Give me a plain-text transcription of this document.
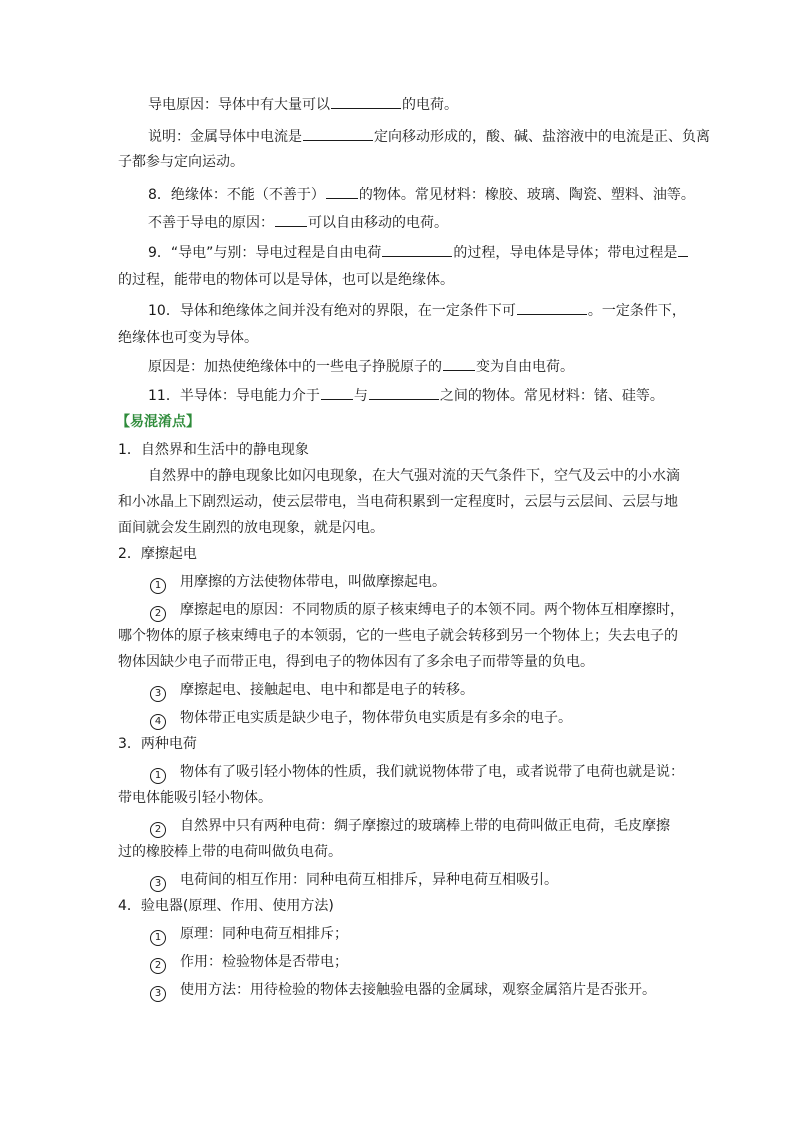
导电原因：导体中有大量可以	的电荷。
说明：金属导体中电流是	定向移动形成的，酸、碱、盐溶液中的电流是正、负离
子都参与定向运动。
8．绝缘体：不能（不善于） 的物体。常见材料：橡胶、玻璃、陶瓷、塑料、油等。
不善于导电的原因： 可以自由移动的电荷。
9．“导电”与别：导电过程是自由电荷	的过程，导电体是导体；带电过程是
的过程，能带电的物体可以是导体，也可以是绝缘体。
10．导体和绝缘体之间并没有绝对的界限，在一定条件下可	。一定条件下，
绝缘体也可变为导体。
原因是：加热使绝缘体中的一些电子挣脱原子的 变为自由电荷。
11．半导体：导电能力介于 与	之间的物体。常见材料：锗、硅等。
【易混淆点】
1．自然界和生活中的静电现象
自然界中的静电现象比如闪电现象，在大气强对流的天气条件下，空气及云中的小水滴
和小冰晶上下剧烈运动，使云层带电，当电荷积累到一定程度时，云层与云层间、云层与地
面间就会发生剧烈的放电现象，就是闪电。
2．摩擦起电
1 用摩擦的方法使物体带电，叫做摩擦起电。
2 摩擦起电的原因：不同物质的原子核束缚电子的本领不同。两个物体互相摩擦时，
哪个物体的原子核束缚电子的本领弱，它的一些电子就会转移到另一个物体上；失去电子的
物体因缺少电子而带正电，得到电子的物体因有了多余电子而带等量的负电。
3 摩擦起电、接触起电、电中和都是电子的转移。
4 物体带正电实质是缺少电子，物体带负电实质是有多余的电子。
3．两种电荷
1 物体有了吸引轻小物体的性质，我们就说物体带了电，或者说带了电荷也就是说：
带电体能吸引轻小物体。
2 自然界中只有两种电荷：绸子摩擦过的玻璃棒上带的电荷叫做正电荷，毛皮摩擦
过的橡胶棒上带的电荷叫做负电荷。
3 电荷间的相互作用：同种电荷互相排斥，异种电荷互相吸引。
4．验电器(原理、作用、使用方法)
1 原理：同种电荷互相排斥；
2 作用：检验物体是否带电；
3 使用方法：用待检验的物体去接触验电器的金属球，观察金属箔片是否张开。
